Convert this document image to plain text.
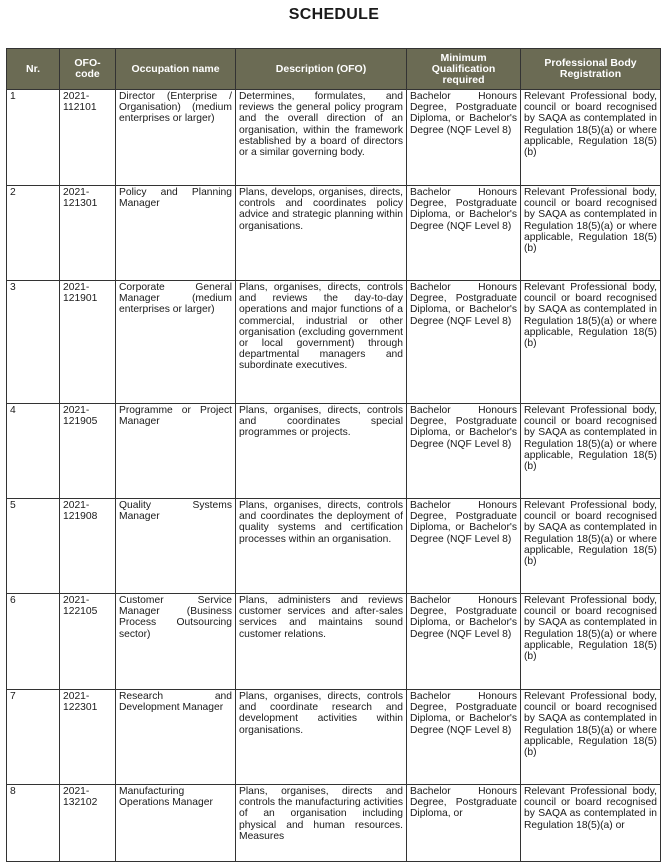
SCHEDULE
Nr.	OFO-code	Occupation name	Description (OFO)	Minimum Qualification required	Professional Body Registration
1	2021-112101	Director (Enterprise / Organisation) (medium enterprises or larger)	Determines, formulates, and reviews the general policy program and the overall direction of an organisation, within the framework established by a board of directors or a similar governing body.	Bachelor Honours Degree, Postgraduate Diploma, or Bachelor's Degree (NQF Level 8)	Relevant Professional body, council or board recognised by SAQA as contemplated in Regulation 18(5)(a) or where applicable, Regulation 18(5)(b)
2	2021-121301	Policy and Planning Manager	Plans, develops, organises, directs, controls and coordinates policy advice and strategic planning within organisations.	Bachelor Honours Degree, Postgraduate Diploma, or Bachelor's Degree (NQF Level 8)	Relevant Professional body, council or board recognised by SAQA as contemplated in Regulation 18(5)(a) or where applicable, Regulation 18(5)(b)
3	2021-121901	Corporate General Manager (medium enterprises or larger)	Plans, organises, directs, controls and reviews the day-to-day operations and major functions of a commercial, industrial or other organisation (excluding government or local government) through departmental managers and subordinate executives.	Bachelor Honours Degree, Postgraduate Diploma, or Bachelor's Degree (NQF Level 8)	Relevant Professional body, council or board recognised by SAQA as contemplated in Regulation 18(5)(a) or where applicable, Regulation 18(5)(b)
4	2021-121905	Programme or Project Manager	Plans, organises, directs, controls and coordinates special programmes or projects.	Bachelor Honours Degree, Postgraduate Diploma, or Bachelor's Degree (NQF Level 8)	Relevant Professional body, council or board recognised by SAQA as contemplated in Regulation 18(5)(a) or where applicable, Regulation 18(5)(b)
5	2021-121908	Quality Systems Manager	Plans, organises, directs, controls and coordinates the deployment of quality systems and certification processes within an organisation.	Bachelor Honours Degree, Postgraduate Diploma, or Bachelor's Degree (NQF Level 8)	Relevant Professional body, council or board recognised by SAQA as contemplated in Regulation 18(5)(a) or where applicable, Regulation 18(5)(b)
6	2021-122105	Customer Service Manager (Business Process Outsourcing sector)	Plans, administers and reviews customer services and after-sales services and maintains sound customer relations.	Bachelor Honours Degree, Postgraduate Diploma, or Bachelor's Degree (NQF Level 8)	Relevant Professional body, council or board recognised by SAQA as contemplated in Regulation 18(5)(a) or where applicable, Regulation 18(5)(b)
7	2021-122301	Research and Development Manager	Plans, organises, directs, controls and coordinate research and development activities within organisations.	Bachelor Honours Degree, Postgraduate Diploma, or Bachelor's Degree (NQF Level 8)	Relevant Professional body, council or board recognised by SAQA as contemplated in Regulation 18(5)(a) or where applicable, Regulation 18(5)(b)
8	2021-132102	Manufacturing Operations Manager	Plans, organises, directs and controls the manufacturing activities of an organisation including physical and human resources. Measures	Bachelor Honours Degree, Postgraduate Diploma, or	Relevant Professional body, council or board recognised by SAQA as contemplated in Regulation 18(5)(a) or
